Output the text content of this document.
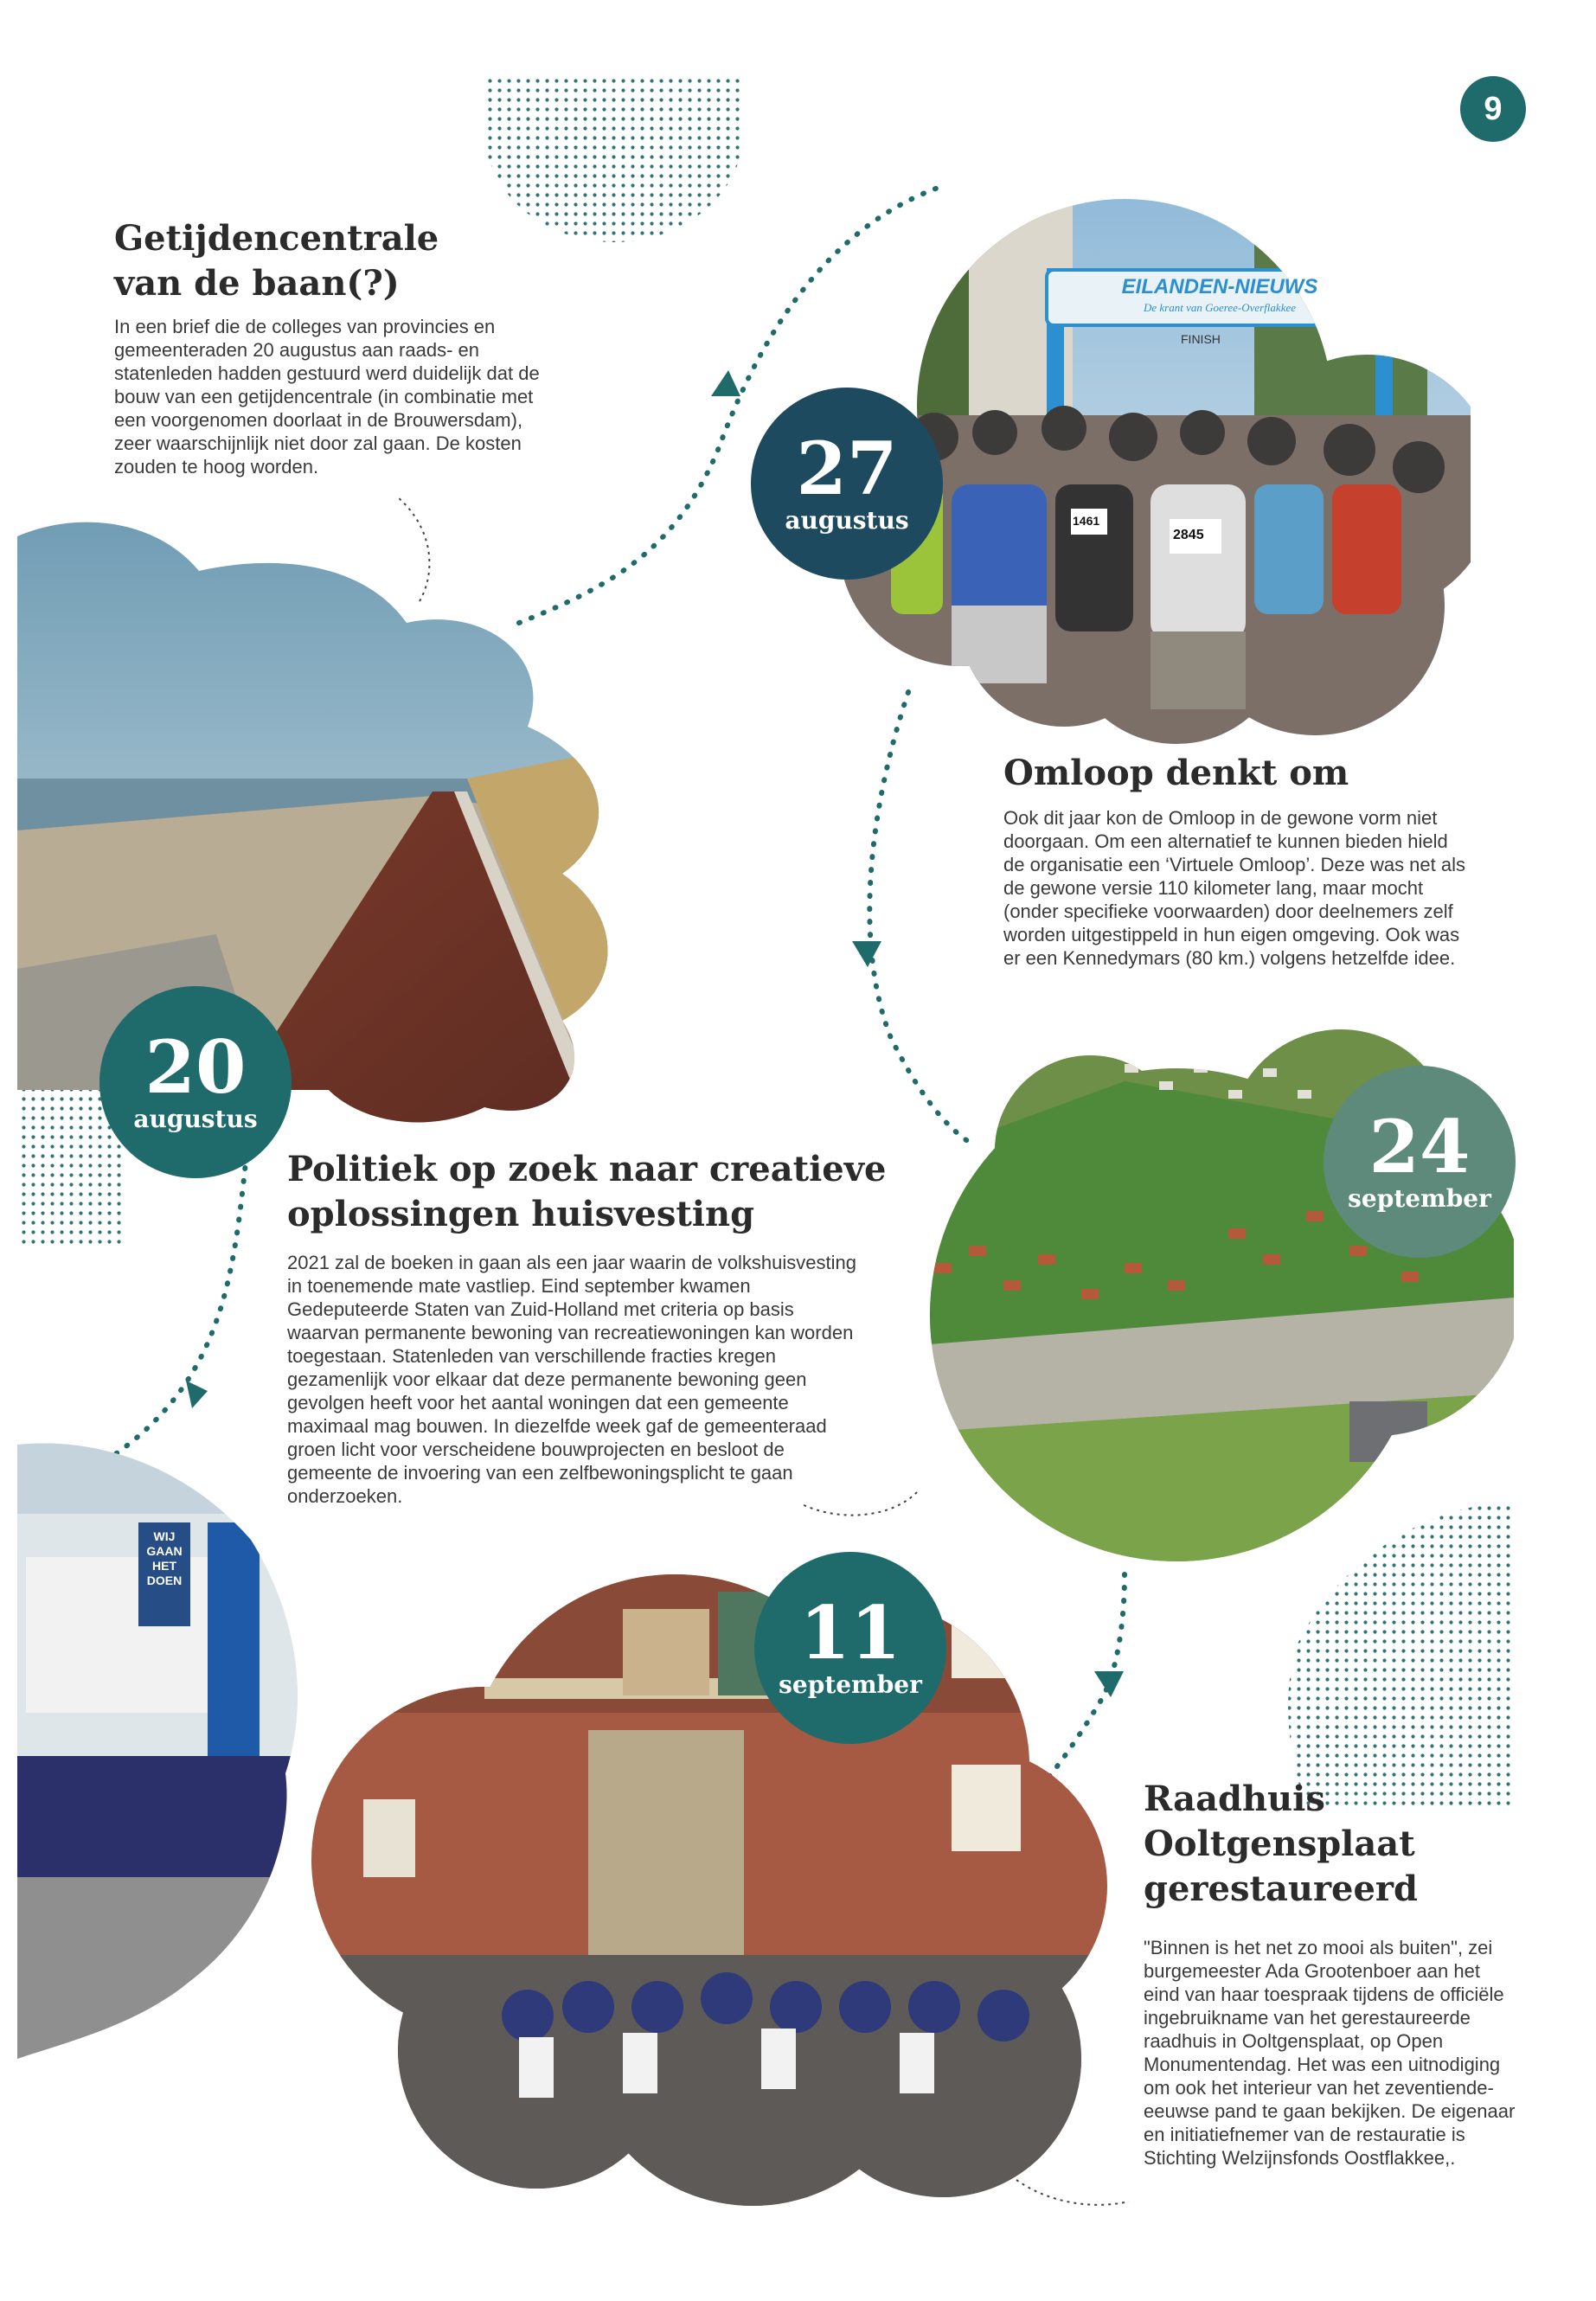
EILANDEN-NIEUWS
De krant van Goeree-Overflakkee
FINISH
2845
1461
WIJ GAAN HET DOEN
9
27
augustus
20
augustus	24
september
11
september
Getijdencentrale van de baan(?)

In een brief die de colleges van provincies en gemeenteraden 20 augustus aan raads- en statenleden hadden gestuurd werd duidelijk dat de bouw van een getijdencentrale (in combinatie met een voorgenomen doorlaat in de Brouwersdam), zeer waarschijnlijk niet door zal gaan. De kosten zouden te hoog worden.

Omloop denkt om

Ook dit jaar kon de Omloop in de gewone vorm niet doorgaan. Om een alternatief te kunnen bieden hield de organisatie een ‘Virtuele Omloop’. Deze was net als de gewone versie 110 kilometer lang, maar mocht (onder specifieke voorwaarden) door deelnemers zelf worden uitgestippeld in hun eigen omgeving. Ook was er een Kennedymars (80 km.) volgens hetzelfde idee.

Politiek op zoek naar creatieve oplossingen huisvesting

2021 zal de boeken in gaan als een jaar waarin de volkshuisvesting in toenemende mate vastliep. Eind september kwamen Gedeputeerde Staten van Zuid-Holland met criteria op basis waarvan permanente bewoning van recreatiewoningen kan worden toegestaan. Statenleden van verschillende fracties kregen gezamenlijk voor elkaar dat deze permanente bewoning geen gevolgen heeft voor het aantal woningen dat een gemeente maximaal mag bouwen. In diezelfde week gaf de gemeenteraad groen licht voor verscheidene bouwprojecten en besloot de gemeente de invoering van een zelfbewoningsplicht te gaan onderzoeken.

Raadhuis Ooltgensplaat gerestaureerd

"Binnen is het net zo mooi als buiten", zei burgemeester Ada Grootenboer aan het eind van haar toespraak tijdens de officiële ingebruikname van het gerestaureerde raadhuis in Ooltgensplaat, op Open Monumentendag. Het was een uitnodiging om ook het interieur van het zeventiende-eeuwse pand te gaan bekijken. De eigenaar en initiatiefnemer van de restauratie is Stichting Welzijnsfonds Oostflakkee,.
